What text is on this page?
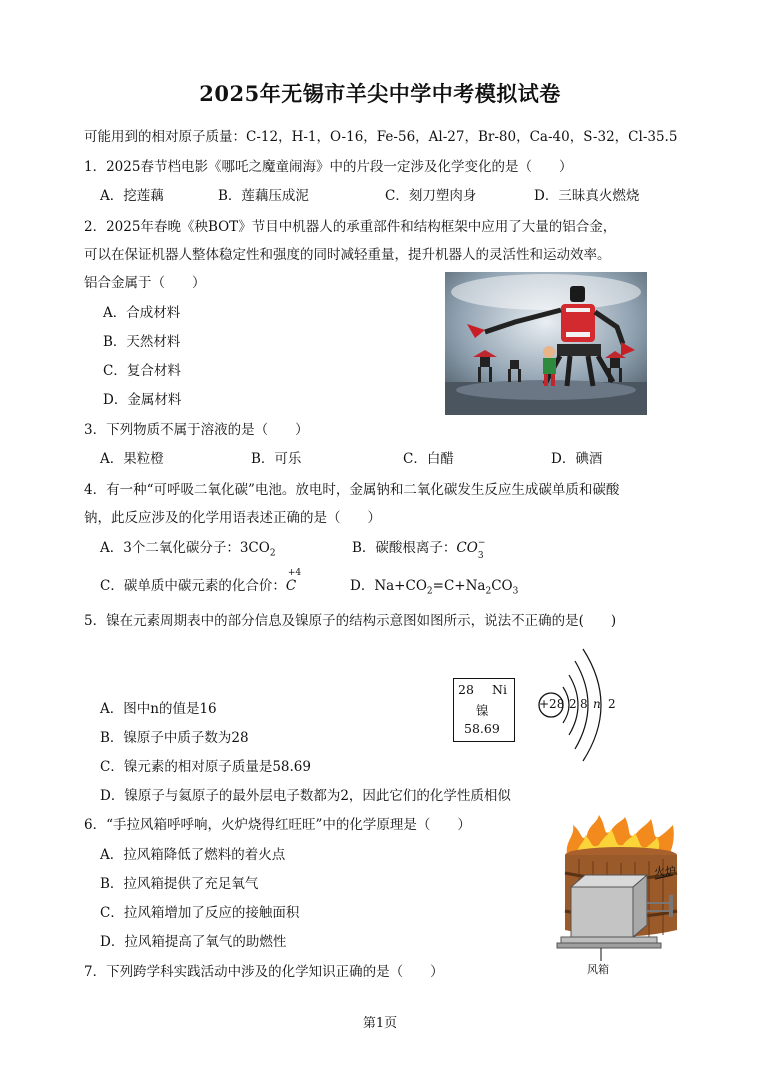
2025年无锡市羊尖中学中考模拟试卷
可能用到的相对原子质量：C-12，H-1，O-16，Fe-56，Al-27，Br-80，Ca-40，S-32，Cl-35.5
1．2025春节档电影《哪吒之魔童闹海》中的片段一定涉及化学变化的是（　　）
A．挖莲藕	B．莲藕压成泥	C．刻刀塑肉身	D．三昧真火燃烧
2．2025年春晚《秧BOT》节目中机器人的承重部件和结构框架中应用了大量的铝合金，
可以在保证机器人整体稳定性和强度的同时减轻重量，提升机器人的灵活性和运动效率。
铝合金属于（　　）
A．合成材料
B．天然材料
C．复合材料
D．金属材料
3．下列物质不属于溶液的是（　　）
A．果粒橙	B．可乐	C．白醋	D．碘酒
4．有一种“可呼吸二氧化碳”电池。放电时，金属钠和二氧化碳发生反应生成碳单质和碳酸
钠，此反应涉及的化学用语表述正确的是（　　）
A．3个二氧化碳分子：$3CO_2$	B．碳酸根离子：CO −
3
C．碳单质中碳元素的化合价：
+4
C	D．$Na+CO_2=C+Na_2CO_3$
5．镍在元素周期表中的部分信息及镍原子的结构示意图如图所示，说法不正确的是(　　)
28 Ni
镍
58.69
+28 2 8 n 2
A．图中n的值是16
B．镍原子中质子数为28
C．镍元素的相对原子质量是58.69
D．镍原子与氦原子的最外层电子数都为2，因此它们的化学性质相似
6．“手拉风箱呼呼响，火炉烧得红旺旺”中的化学原理是（　　）
A．拉风箱降低了燃料的着火点
B．拉风箱提供了充足氧气
C．拉风箱增加了反应的接触面积
D．拉风箱提高了氧气的助燃性
火炉
风箱
7．下列跨学科实践活动中涉及的化学知识正确的是（　　）
第1页
